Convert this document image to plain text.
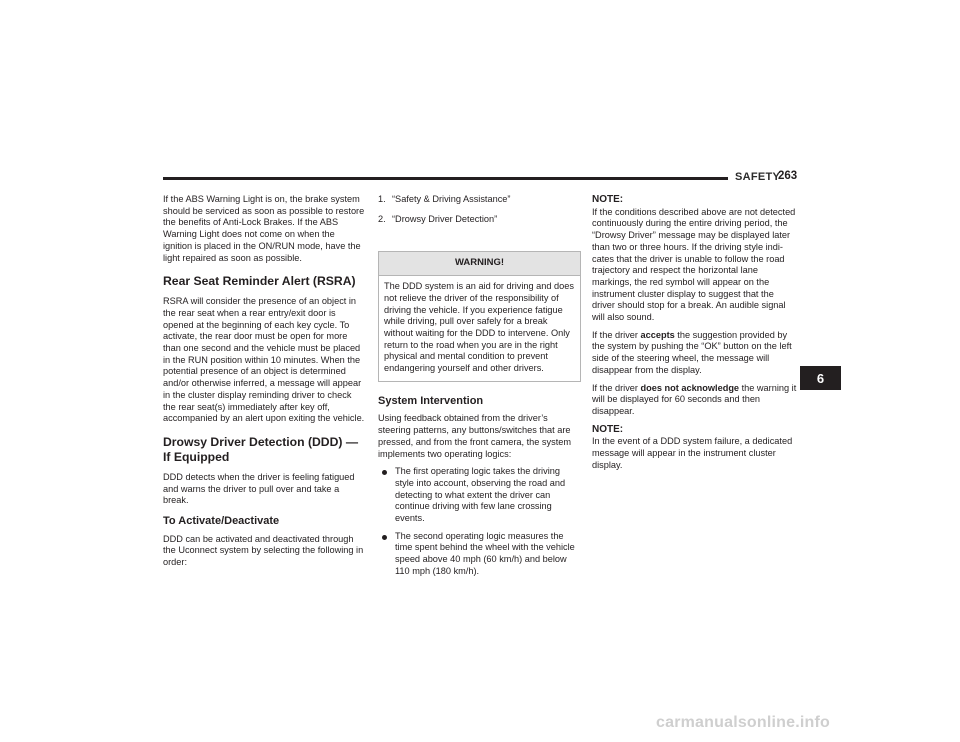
SAFETY
263

If the ABS Warning Light is on, the brake system should be serviced as soon as possible to restore the benefits of Anti-Lock Brakes. If the ABS Warning Light does not come on when the ignition is placed in the ON/RUN mode, have the light repaired as soon as possible.

Rear Seat Reminder Alert (RSRA)

RSRA will consider the presence of an object in the rear seat when a rear entry/exit door is opened at the beginning of each key cycle. To activate, the rear door must be open for more than one second and the vehicle must be placed in the RUN position within 10 minutes. When the potential presence of an object is determined and/or otherwise inferred, a message will appear in the cluster display reminding driver to check the rear seat(s) immediately after key off, accompanied by an alert upon exiting the vehicle.

Drowsy Driver Detection (DDD) —
If Equipped

DDD detects when the driver is feeling fatigued and warns the driver to pull over and take a break.

To Activate/Deactivate

DDD can be activated and deactivated through the Uconnect system by selecting the following in order:

1. “Safety & Driving Assistance”
2. “Drowsy Driver Detection”
WARNING!
The DDD system is an aid for driving and does not relieve the driver of the responsibility of driving the vehicle. If you experience fatigue while driving, pull over safely for a break without waiting for the DDD to intervene. Only return to the road when you are in the right physical and mental condition to prevent endangering yourself and other drivers.
System Intervention

Using feedback obtained from the driver’s steering patterns, any buttons/switches that are pressed, and from the front camera, the system implements two operating logics:

The first operating logic takes the driving style into account, observing the road and detecting to what extent the driver can continue driving with few lane crossing events.
The second operating logic measures the time spent behind the wheel with the vehicle speed above 40 mph (60 km/h) and below 110 mph (180 km/h).
NOTE:

If the conditions described above are not detected continuously during the entire driving period, the “Drowsy Driver” message may be displayed later than two or three hours. If the driving style indi-cates that the driver is unable to follow the road trajectory and respect the horizontal lane markings, the red symbol will appear on the instrument cluster display to suggest that the driver should stop for a break. An audible signal will also sound.

If the driver accepts the suggestion provided by the system by pushing the “OK” button on the left side of the steering wheel, the message will disappear from the display.

If the driver does not acknowledge the warning it will be displayed for 60 seconds and then disappear.

NOTE:

In the event of a DDD system failure, a dedicated message will appear in the instrument cluster display.

6
carmanualsonline.info
